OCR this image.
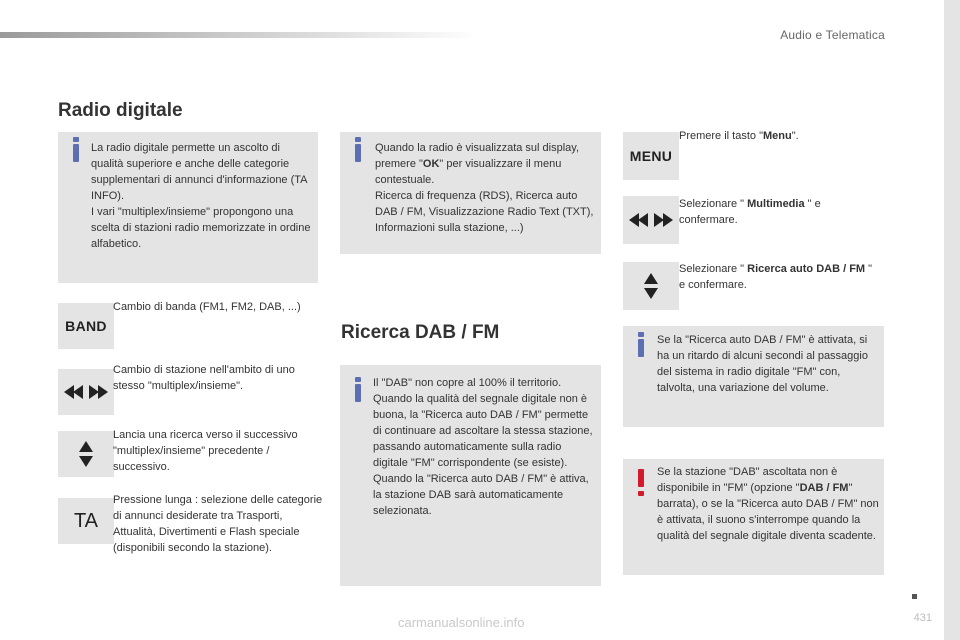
Audio e Telematica
Radio digitale

La radio digitale permette un ascolto di qualità superiore e anche delle categorie supplementari di annunci d'informazione (TA INFO).
I vari "multiplex/insieme" propongono una scelta di stazioni radio memorizzate in ordine alfabetico.

Quando la radio è visualizzata sul display, premere "OK" per visualizzare il menu contestuale.
Ricerca di frequenza (RDS), Ricerca auto DAB / FM, Visualizzazione Radio Text (TXT), Informazioni sulla stazione, ...)

BAND

Cambio di banda (FM1, FM2, DAB, ...)

Cambio di stazione nell'ambito di uno stesso "multiplex/insieme".

Lancia una ricerca verso il successivo "multiplex/insieme" precedente / successivo.

TA

Pressione lunga : selezione delle categorie di annunci desiderate tra Trasporti, Attualità, Divertimenti e Flash speciale (disponibili secondo la stazione).

Ricerca DAB / FM

Il "DAB" non copre al 100% il territorio.
Quando la qualità del segnale digitale non è buona, la "Ricerca auto DAB / FM" permette di continuare ad ascoltare la stessa stazione, passando automaticamente sulla radio digitale "FM" corrispondente (se esiste).
Quando la "Ricerca auto DAB / FM" è attiva, la stazione DAB sarà automaticamente selezionata.

MENU

Premere il tasto "Menu".

Selezionare " Multimedia " e confermare.

Selezionare " Ricerca auto DAB / FM " e confermare.

Se la "Ricerca auto DAB / FM" è attivata, si ha un ritardo di alcuni secondi al passaggio del sistema in radio digitale "FM" con, talvolta, una variazione del volume.

Se la stazione "DAB" ascoltata non è disponibile in "FM" (opzione "DAB / FM" barrata), o se la "Ricerca auto DAB / FM" non è attivata, il suono s'interrompe quando la qualità del segnale digitale diventa scadente.

431
carmanualsonline.info
